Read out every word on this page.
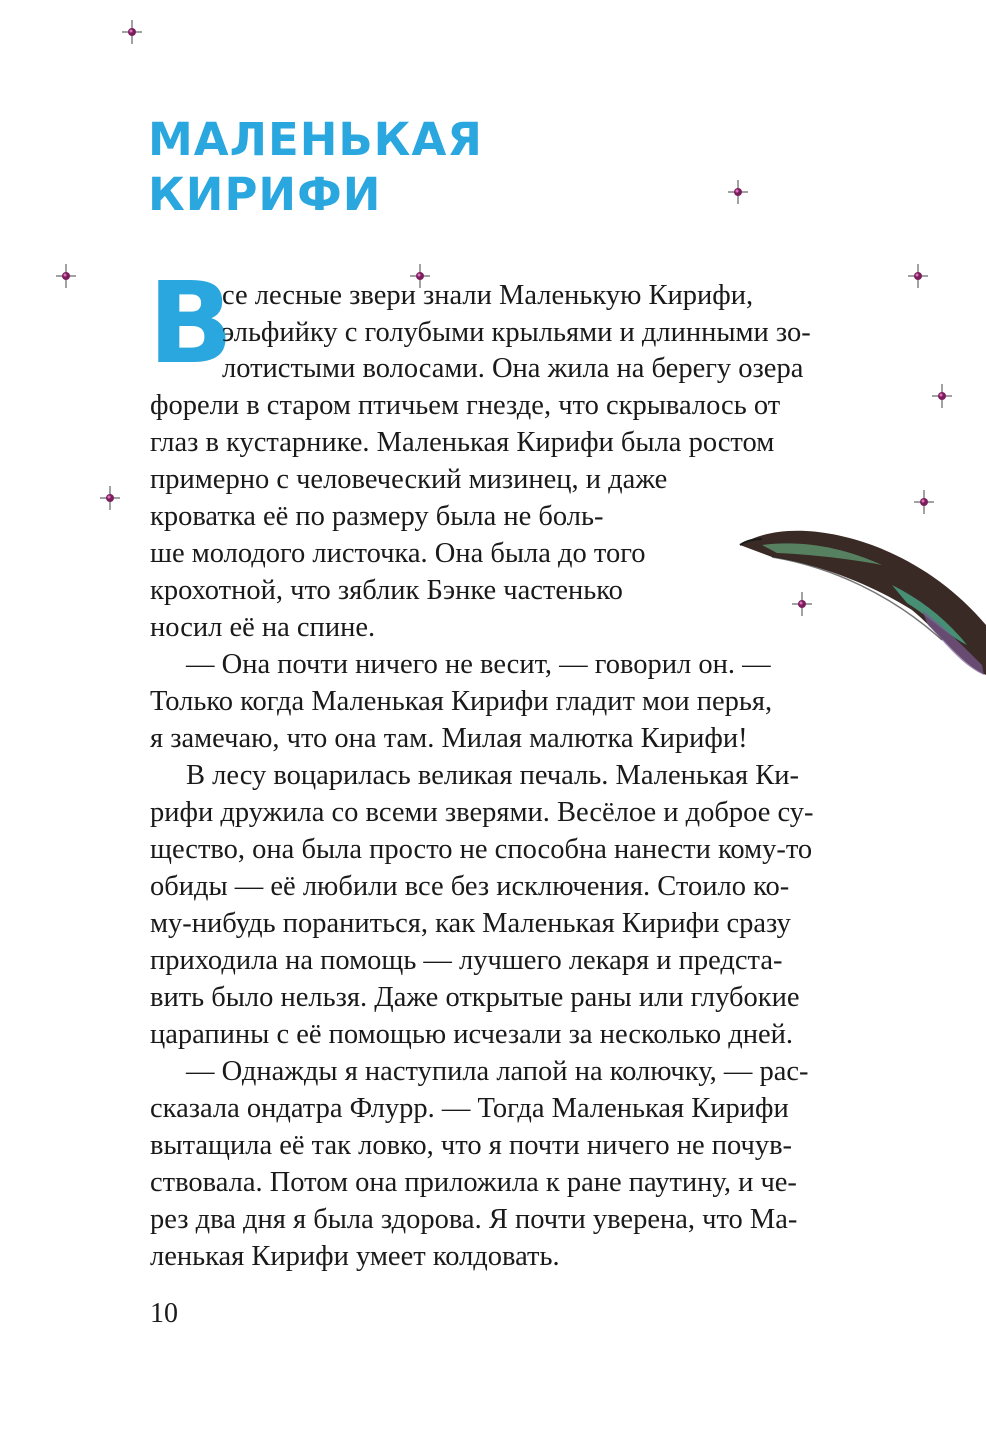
МАЛЕНЬКАЯ
КИРИФИ
В
се лесные звери знали Маленькую Кирифи,
эльфийку с голубыми крыльями и длинными зо-
лотистыми волосами. Она жила на берегу озера
форели в старом птичьем гнезде, что скрывалось от
глаз в кустарнике. Маленькая Кирифи была ростом
примерно с человеческий мизинец, и даже
кроватка её по размеру была не боль-
ше молодого листочка. Она была до того
крохотной, что зяблик Бэнке частенько
носил её на спине.
— Она почти ничего не весит, — говорил он. —
Только когда Маленькая Кирифи гладит мои перья,
я замечаю, что она там. Милая малютка Кирифи!
В лесу воцарилась великая печаль. Маленькая Ки-
рифи дружила со всеми зверями. Весёлое и доброе су-
щество, она была просто не способна нанести кому-то
обиды — её любили все без исключения. Стоило ко-
му-нибудь пораниться, как Маленькая Кирифи сразу
приходила на помощь — лучшего лекаря и предста-
вить было нельзя. Даже открытые раны или глубокие
царапины с её помощью исчезали за несколько дней.
— Однажды я наступила лапой на колючку, — рас-
сказала ондатра Флурр. — Тогда Маленькая Кирифи
вытащила её так ловко, что я почти ничего не почув-
ствовала. Потом она приложила к ране паутину, и че-
рез два дня я была здорова. Я почти уверена, что Ма-
ленькая Кирифи умеет колдовать.
10
